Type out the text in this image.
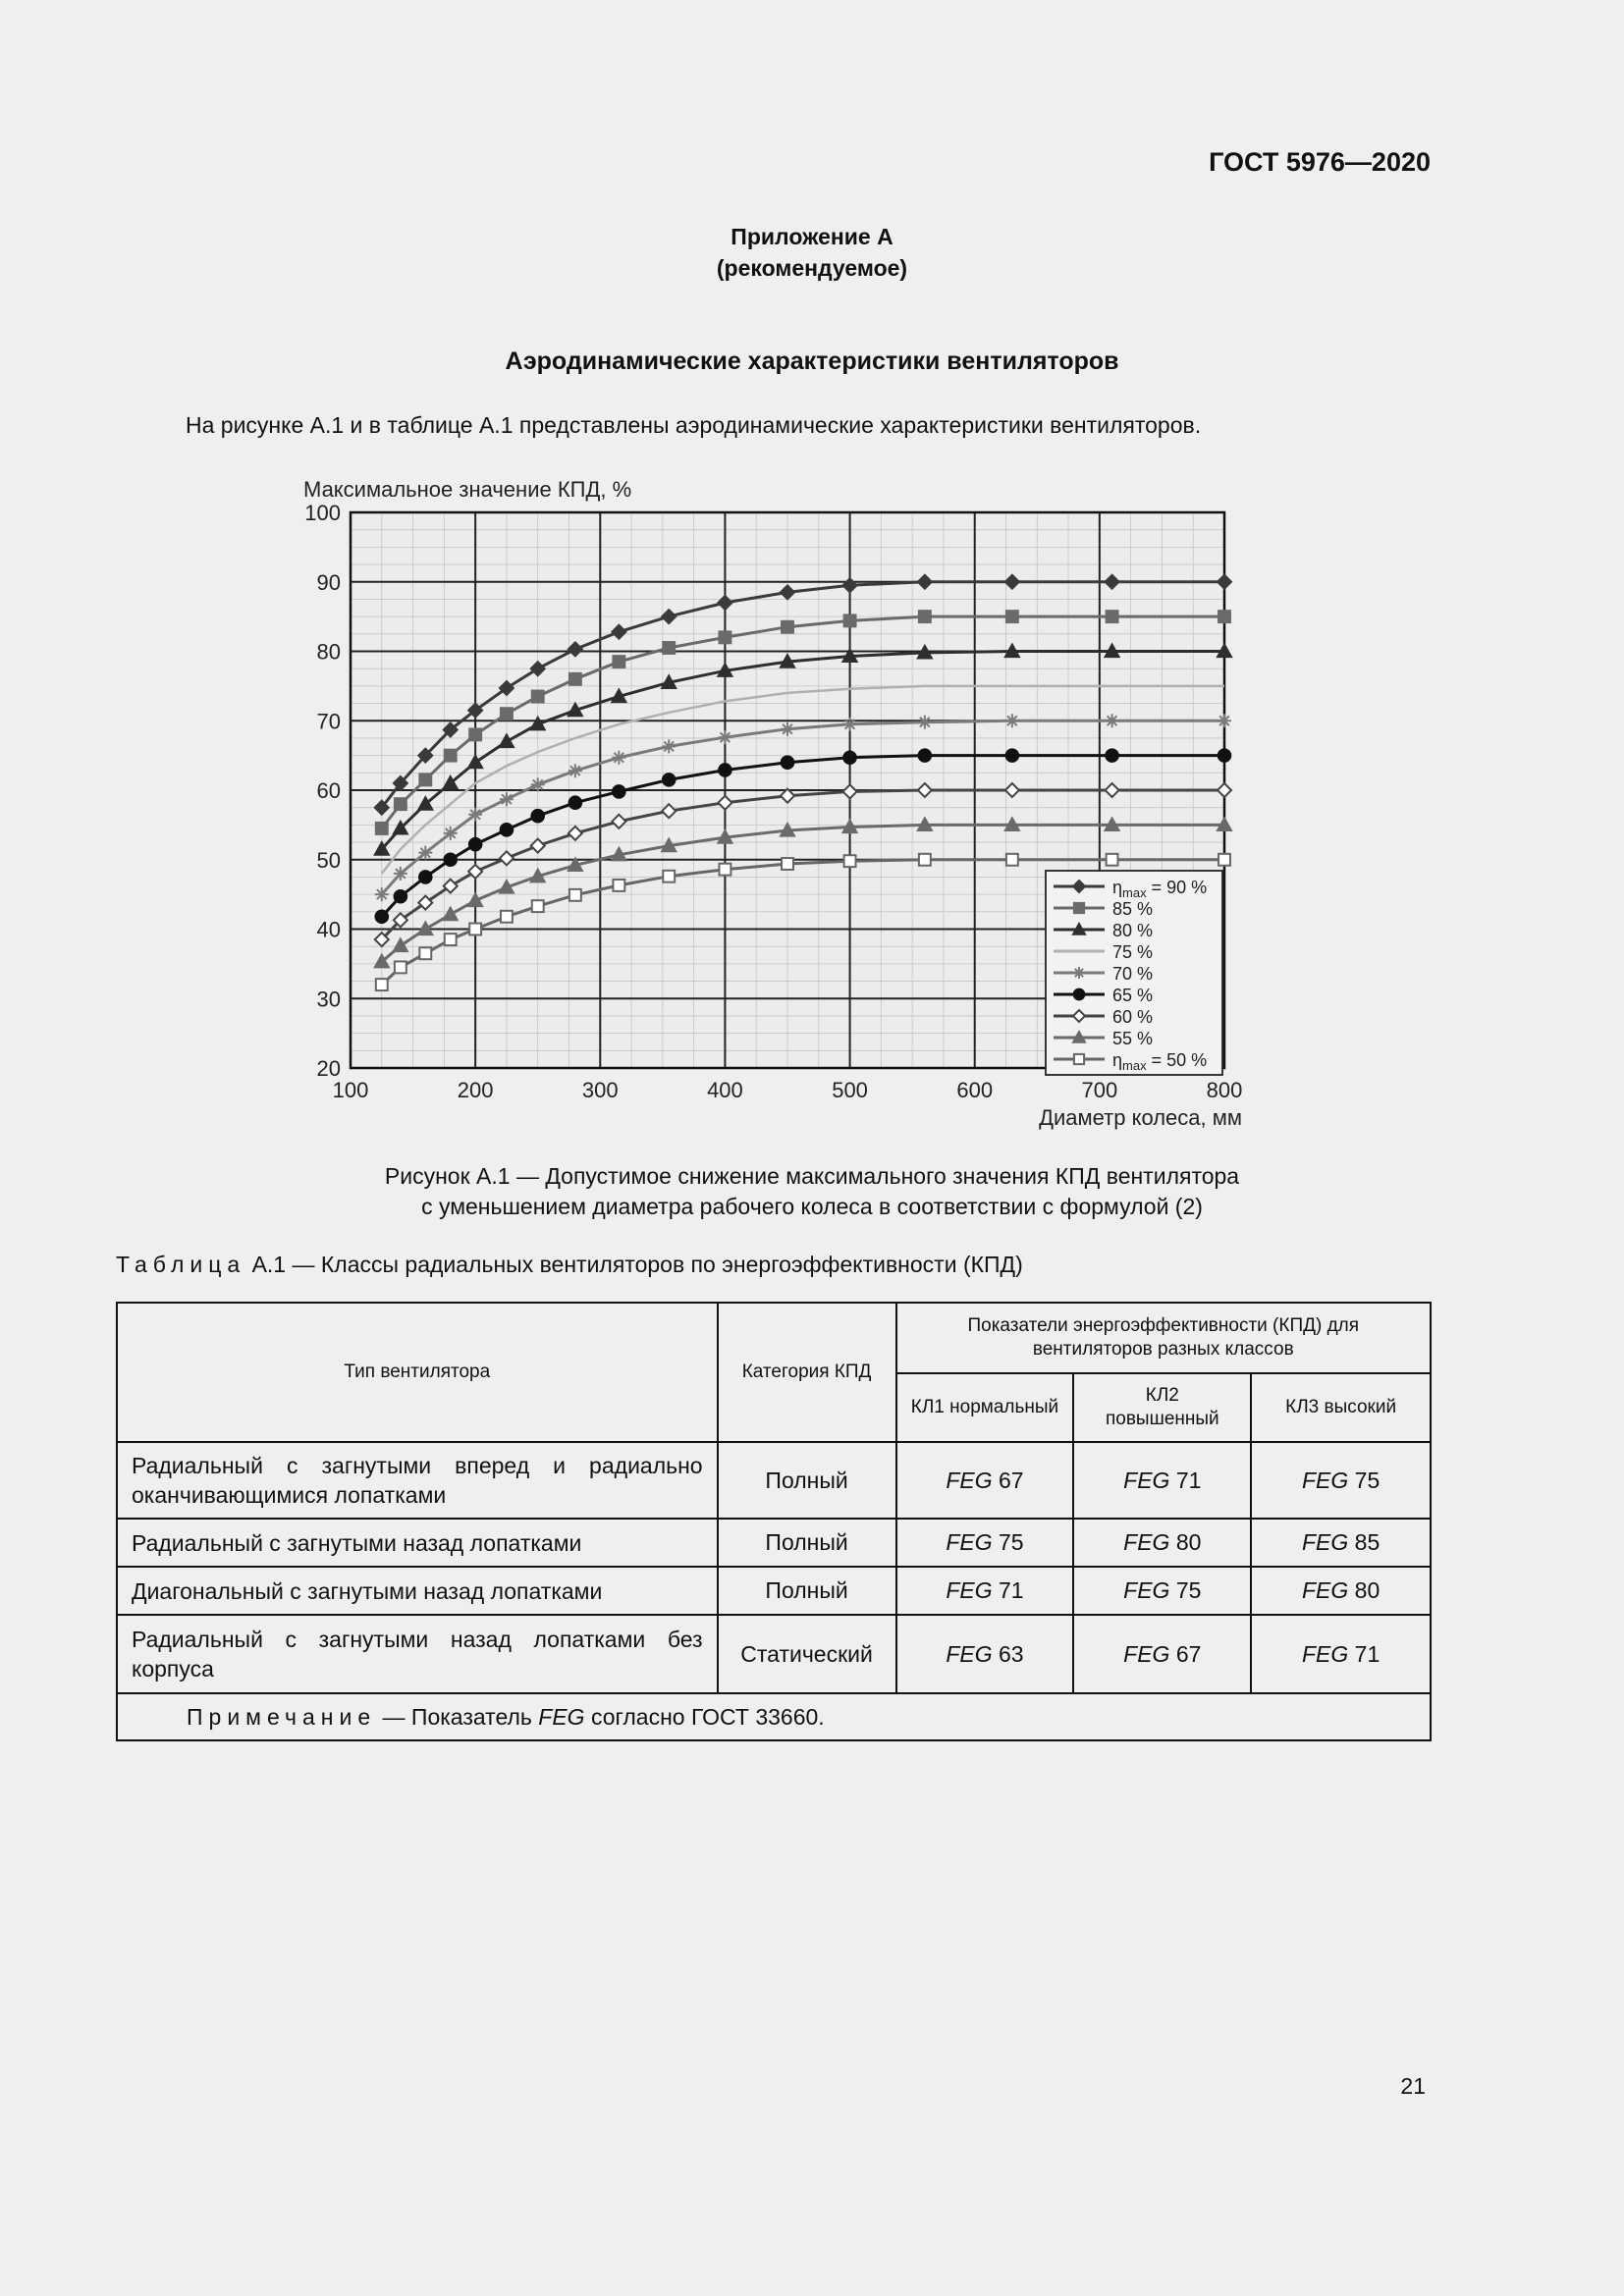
ГОСТ 5976—2020
Приложение А
(рекомендуемое)
Аэродинамические характеристики вентиляторов
На рисунке А.1 и в таблице А.1 представлены аэродинамические характеристики вентиляторов.
100	200	300	400	500	600	700	800
20
30
40
50
60
70
80
90
100
Максимальное значение КПД, %
Диаметр колеса, мм
$\eta_{max} = 90$ %
85 %
80 %
75 %
70 %
65 %
60 %
55 %
$\eta_{max} = 50$ %
Рисунок А.1 — Допустимое снижение максимального значения КПД вентилятора
с уменьшением диаметра рабочего колеса в соответствии с формулой (2)
Таблица А.1 — Классы радиальных вентиляторов по энергоэффективности (КПД)
Тип вентилятора	Категория КПД	Показатели энергоэффективности (КПД) для вентиляторов разных классов		
		КЛ1 нормальный	КЛ2 повышенный	КЛ3 высокий
Радиальный с загнутыми вперед и радиально оканчивающимися лопатками	Полный	FEG 67	FEG 71	FEG 75
Радиальный с загнутыми назад лопатками	Полный	FEG 75	FEG 80	FEG 85
Диагональный с загнутыми назад лопатками	Полный	FEG 71	FEG 75	FEG 80
Радиальный с загнутыми назад лопатками без корпуса	Статический	FEG 63	FEG 67	FEG 71
Примечание — Показатель FEG согласно ГОСТ 33660.				
21
